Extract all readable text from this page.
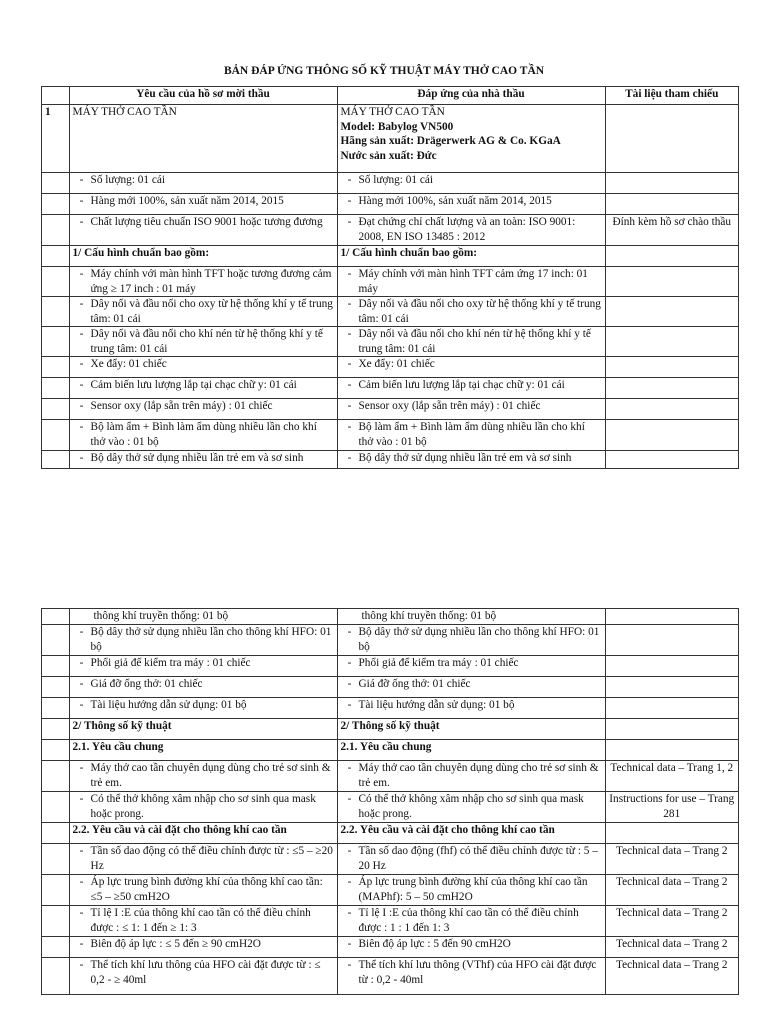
BẢN ĐÁP ỨNG THÔNG SỐ KỸ THUẬT MÁY THỞ CAO TẦN
	Yêu cầu của hồ sơ mời thầu	Đáp ứng của nhà thầu	Tài liệu tham chiếu
1	MÁY THỞ CAO TẦN	MÁY THỞ CAO TẦN
Model: Babylog VN500
Hãng sản xuất: Drägerwerk AG & Co. KGaA
Nước sản xuất: Đức	

	- Số lượng: 01 cái	- Số lượng: 01 cái	

	- Hàng mới 100%, sản xuất năm 2014, 2015	- Hàng mới 100%, sản xuất năm 2014, 2015	

	- Chất lượng tiêu chuẩn ISO 9001 hoặc tương đương	- Đạt chứng chỉ chất lượng và an toàn: ISO 9001: 2008, EN ISO 13485 : 2012	Đính kèm hồ sơ chào thầu
	1/ Cấu hình chuẩn bao gồm:	1/ Cấu hình chuẩn bao gồm:	

	- Máy chính với màn hình TFT hoặc tương đương cảm ứng ≥ 17 inch : 01 máy	- Máy chính với màn hình TFT cảm ứng 17 inch: 01 máy	

	- Dây nối và đầu nối cho oxy từ hệ thống khí y tế trung tâm: 01 cái	- Dây nối và đầu nối cho oxy từ hệ thống khí y tế trung tâm: 01 cái	

	- Dây nối và đầu nối cho khí nén từ hệ thống khí y tế trung tâm: 01 cái	- Dây nối và đầu nối cho khí nén từ hệ thống khí y tế trung tâm: 01 cái	

	- Xe đẩy: 01 chiếc	- Xe đẩy: 01 chiếc	

	- Cảm biến lưu lượng lắp tại chạc chữ y: 01 cái	- Cảm biến lưu lượng lắp tại chạc chữ y: 01 cái	

	- Sensor oxy (lắp sẵn trên máy) : 01 chiếc	- Sensor oxy (lắp sẵn trên máy) : 01 chiếc	

	- Bộ làm ẩm + Bình làm ẩm dùng nhiều lần cho khí thở vào : 01 bộ	- Bộ làm ẩm + Bình làm ẩm dùng nhiều lần cho khí thở vào : 01 bộ	

	- Bộ dây thở sử dụng nhiều lần trẻ em và sơ sinh	- Bộ dây thở sử dụng nhiều lần trẻ em và sơ sinh	

	thông khí truyền thống: 01 bộ	thông khí truyền thống: 01 bộ	

	- Bộ dây thở sử dụng nhiều lần cho thông khí HFO: 01 bộ	- Bộ dây thở sử dụng nhiều lần cho thông khí HFO: 01 bộ	

	- Phổi giả để kiểm tra máy : 01 chiếc	- Phổi giả để kiểm tra máy : 01 chiếc	

	- Giá đỡ ống thở: 01 chiếc	- Giá đỡ ống thở: 01 chiếc	

	- Tài liệu hướng dẫn sử dụng: 01 bộ	- Tài liệu hướng dẫn sử dụng: 01 bộ	

	2/ Thông số kỹ thuật	2/ Thông số kỹ thuật	
	2.1. Yêu cầu chung	2.1. Yêu cầu chung	

	- Máy thở cao tần chuyên dụng dùng cho trẻ sơ sinh & trẻ em.	- Máy thở cao tần chuyên dụng dùng cho trẻ sơ sinh & trẻ em.	Technical data – Trang 1, 2

	- Có thể thở không xâm nhập cho sơ sinh qua mask hoặc prong.	- Có thể thở không xâm nhập cho sơ sinh qua mask hoặc prong.	Instructions for use – Trang 281
	2.2. Yêu cầu và cài đặt cho thông khí cao tần	2.2. Yêu cầu và cài đặt cho thông khí cao tần	

	- Tần số dao động có thể điều chỉnh được từ : ≤5 – ≥20 Hz	- Tần số dao động (fhf) có thể điều chỉnh được từ : 5 – 20 Hz	Technical data – Trang 2

	- Áp lực trung bình đường khí của thông khí cao tần: ≤5 – ≥50 cmH2O	- Áp lực trung bình đường khí của thông khí cao tần (MAPhf): 5 – 50 cmH2O	Technical data – Trang 2

	- Tỉ lệ I :E của thông khí cao tần có thể điều chỉnh được : ≤ 1: 1 đến ≥ 1: 3	- Tỉ lệ I :E của thông khí cao tần có thể điều chỉnh được : 1 : 1 đến 1: 3	Technical data – Trang 2

	- Biên độ áp lực : ≤ 5 đến ≥ 90 cmH2O	- Biên độ áp lực : 5 đến 90 cmH2O	Technical data – Trang 2

	- Thể tích khí lưu thông của HFO cài đặt được từ : ≤ 0,2 - ≥ 40ml	- Thể tích khí lưu thông (VThf) của HFO cài đặt được từ : 0,2 - 40ml	Technical data – Trang 2
